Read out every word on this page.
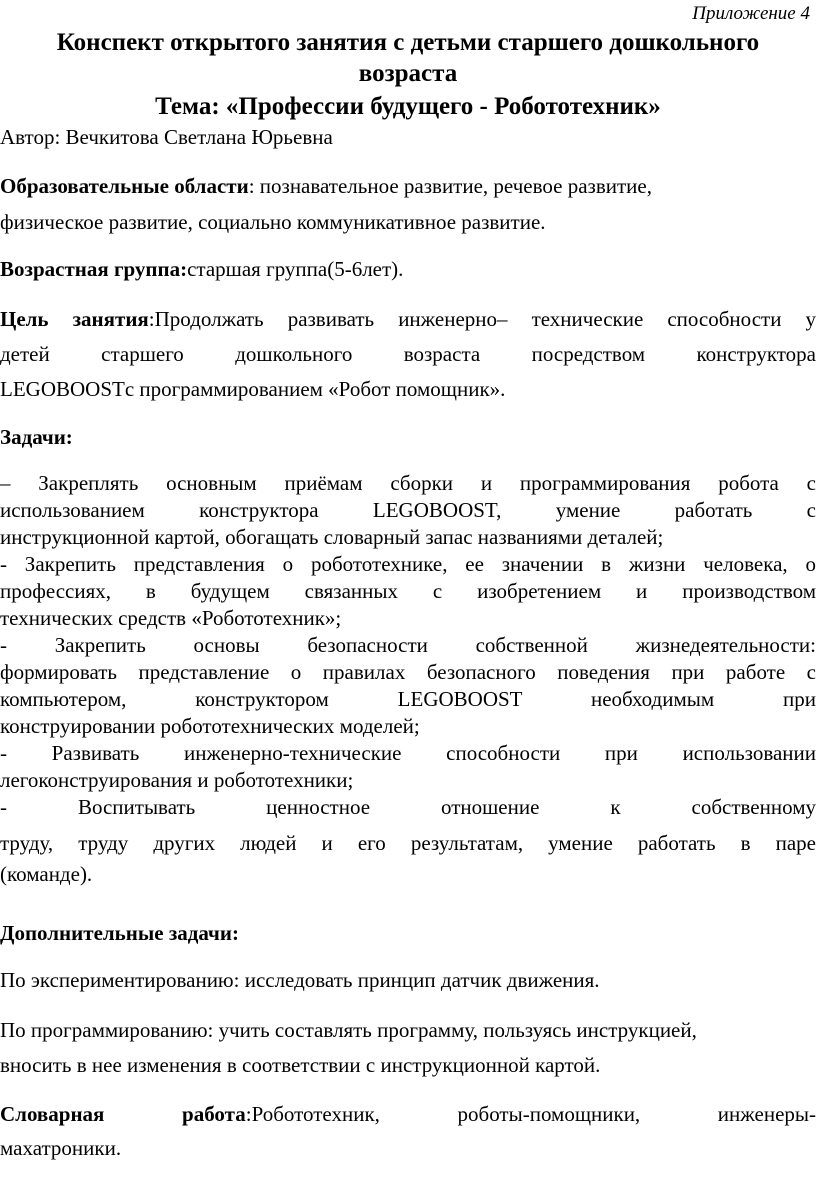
Приложение 4
Конспект открытого занятия с детьми старшего дошкольного
возраста
Тема: «Профессии будущего - Робототехник»
Автор: Вечкитова Светлана Юрьевна
Образовательные области: познавательное развитие, речевое развитие,
физическое развитие, социально коммуникативное развитие.
Возрастная группа:старшая группа(5-6лет).
Цель занятия:Продолжать развивать инженерно– технические способности у
детей старшего дошкольного возраста посредством конструктора
LEGOBOOSTс программированием «Робот помощник».
Задачи:
– Закреплять основным приёмам сборки и программирования робота с
использованием конструктора LEGOBOOST, умение работать с
инструкционной картой, обогащать словарный запас названиями деталей;
- Закрепить представления о робототехнике, ее значении в жизни человека, о
профессиях, в будущем связанных с изобретением и производством
технических средств «Робототехник»;
- Закрепить основы безопасности собственной жизнедеятельности:
формировать представление о правилах безопасного поведения при работе с
компьютером, конструктором LEGOBOOST необходимым при
конструировании робототехнических моделей;
- Развивать инженерно-технические способности при использовании
легоконструирования и робототехники;
- Воспитывать ценностное отношение к собственному
труду, труду других людей и его результатам, умение работать в паре
(команде).
Дополнительные задачи:
По экспериментированию: исследовать принцип датчик движения.
По программированию: учить составлять программу, пользуясь инструкцией,
вносить в нее изменения в соответствии с инструкционной картой.
Словарная работа:Робототехник, роботы-помощники, инженеры-
махатроники.
